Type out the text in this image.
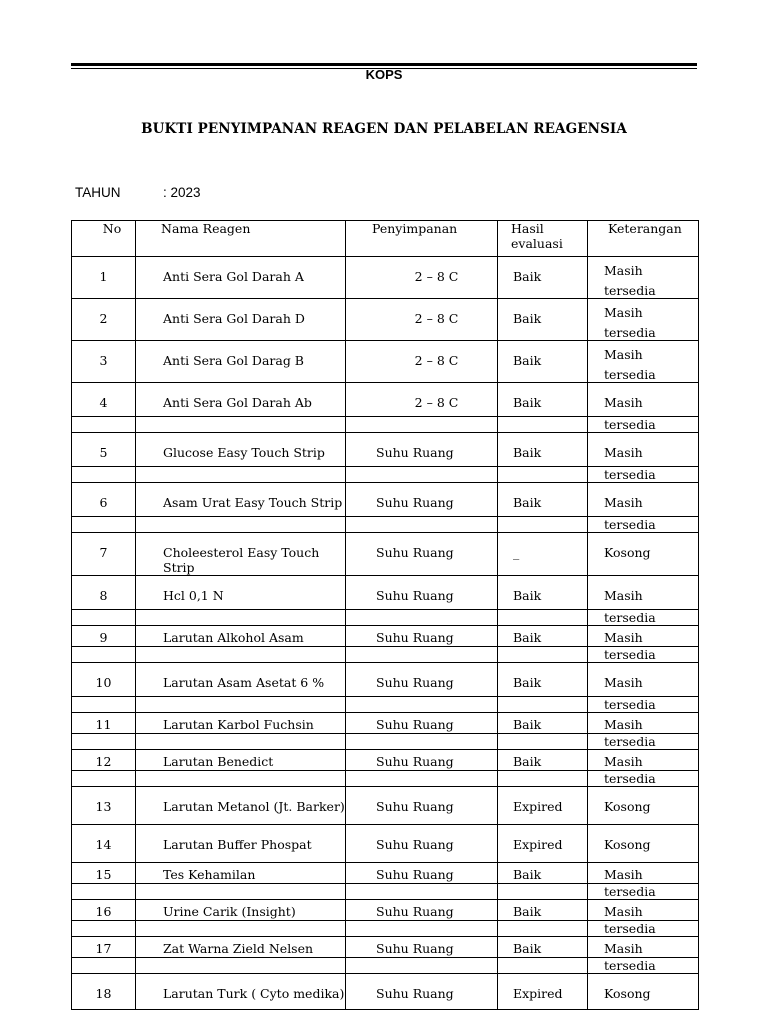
KOPS
BUKTI PENYIMPANAN REAGEN DAN PELABELAN REAGENSIA
TAHUN	: 2023
No	Nama Reagen	Penyimpanan	Hasil evaluasi	Keterangan
1	Anti Sera Gol Darah A	2 – 8 C	Baik	Masih
tersedia
2	Anti Sera Gol Darah D	2 – 8 C	Baik	Masih
tersedia
3	Anti Sera Gol Darag B	2 – 8 C	Baik	Masih
tersedia
4	Anti Sera Gol Darah Ab	2 – 8 C	Baik	Masih
				tersedia
5	Glucose Easy Touch Strip	Suhu Ruang	Baik	Masih
				tersedia
6	Asam Urat Easy Touch Strip	Suhu Ruang	Baik	Masih
				tersedia
7	Choleesterol Easy Touch Strip	Suhu Ruang	_	Kosong
8	Hcl 0,1 N	Suhu Ruang	Baik	Masih
				tersedia
9	Larutan Alkohol Asam	Suhu Ruang	Baik	Masih
				tersedia
10	Larutan Asam Asetat 6 %	Suhu Ruang	Baik	Masih
				tersedia
11	Larutan Karbol Fuchsin	Suhu Ruang	Baik	Masih
				tersedia
12	Larutan Benedict	Suhu Ruang	Baik	Masih
				tersedia
13	Larutan Metanol (Jt. Barker)	Suhu Ruang	Expired	Kosong
14	Larutan Buffer Phospat	Suhu Ruang	Expired	Kosong
15	Tes Kehamilan	Suhu Ruang	Baik	Masih
				tersedia
16	Urine Carik (Insight)	Suhu Ruang	Baik	Masih
				tersedia
17	Zat Warna Zield Nelsen	Suhu Ruang	Baik	Masih
				tersedia
18	Larutan Turk ( Cyto medika)	Suhu Ruang	Expired	Kosong
